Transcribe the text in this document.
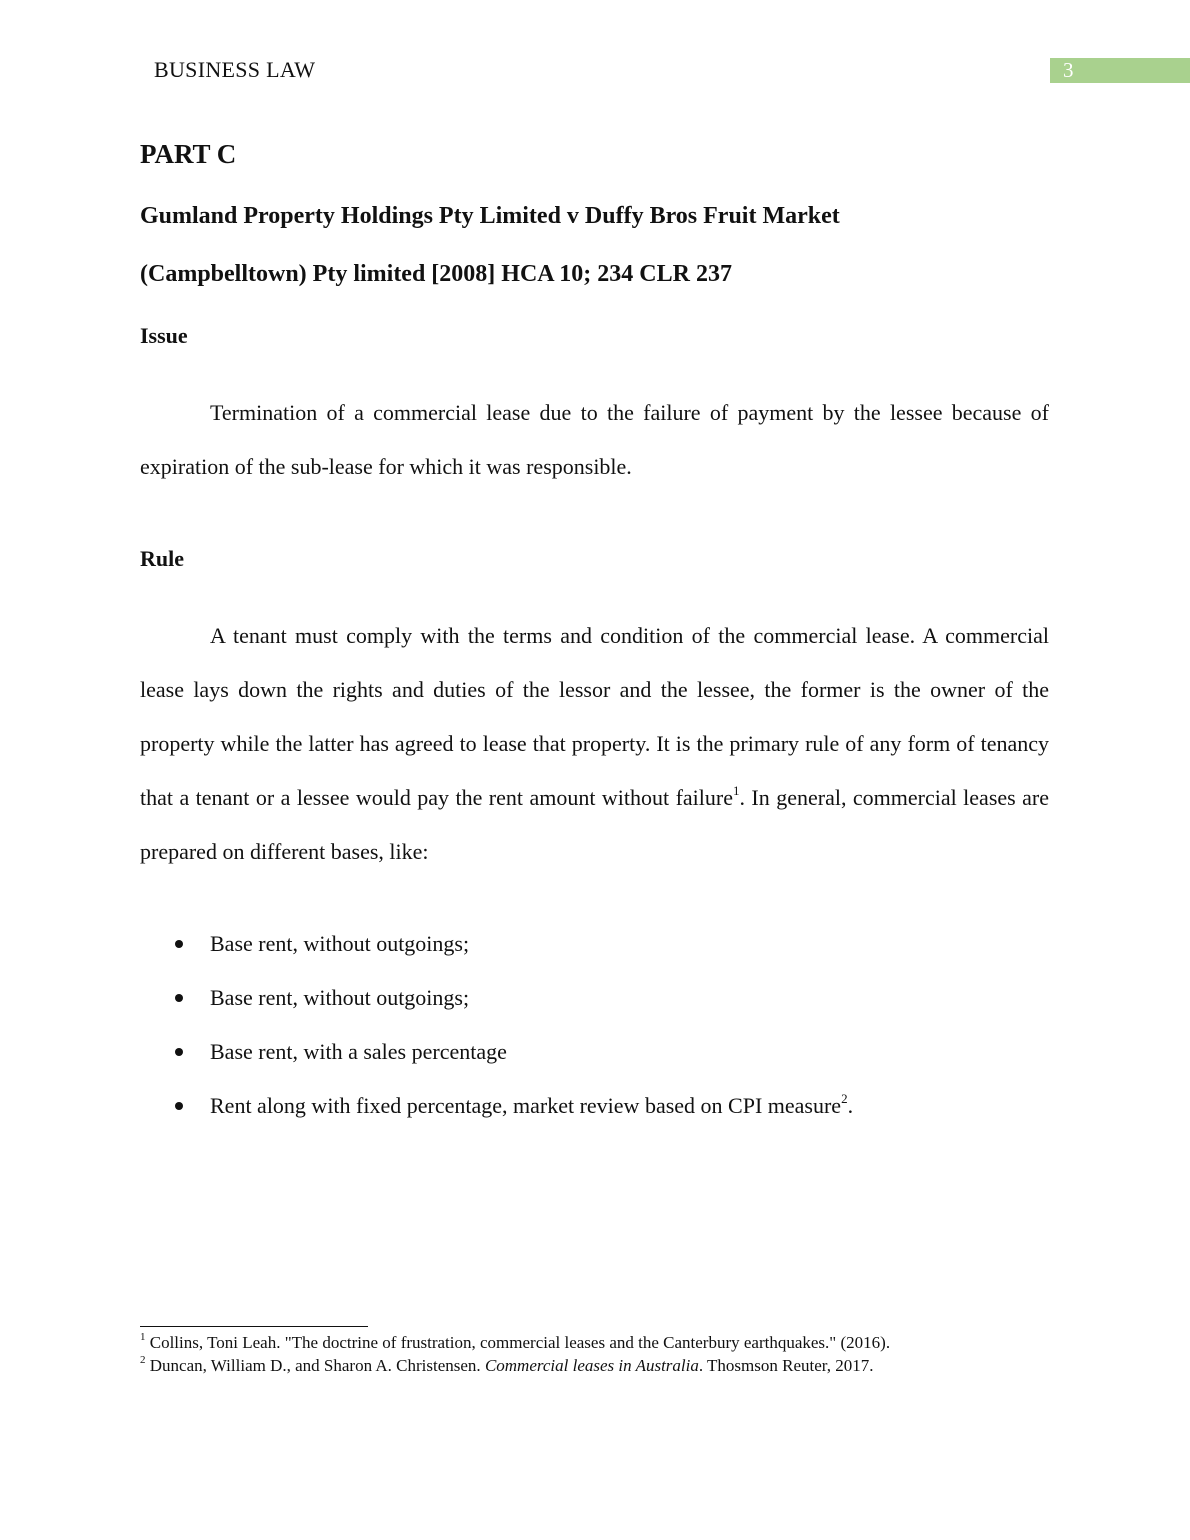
BUSINESS LAW	3
PART C
Gumland Property Holdings Pty Limited v Duffy Bros Fruit Market
(Campbelltown) Pty limited [2008] HCA 10; 234 CLR 237
Issue

Termination of a commercial lease due to the failure of payment by the lessee because of expiration of the sub-lease for which it was responsible.

Rule

A tenant must comply with the terms and condition of the commercial lease. A commercial lease lays down the rights and duties of the lessor and the lessee, the former is the owner of the property while the latter has agreed to lease that property. It is the primary rule of any form of tenancy that a tenant or a lessee would pay the rent amount without failure$^1$. In general, commercial leases are prepared on different bases, like:

Base rent, without outgoings;
Base rent, without outgoings;
Base rent, with a sales percentage
Rent along with fixed percentage, market review based on CPI measure$^2$.
$^1$ Collins, Toni Leah. "The doctrine of frustration, commercial leases and the Canterbury earthquakes." (2016).
$^2$ Duncan, William D., and Sharon A. Christensen. Commercial leases in Australia. Thosmson Reuter, 2017.
